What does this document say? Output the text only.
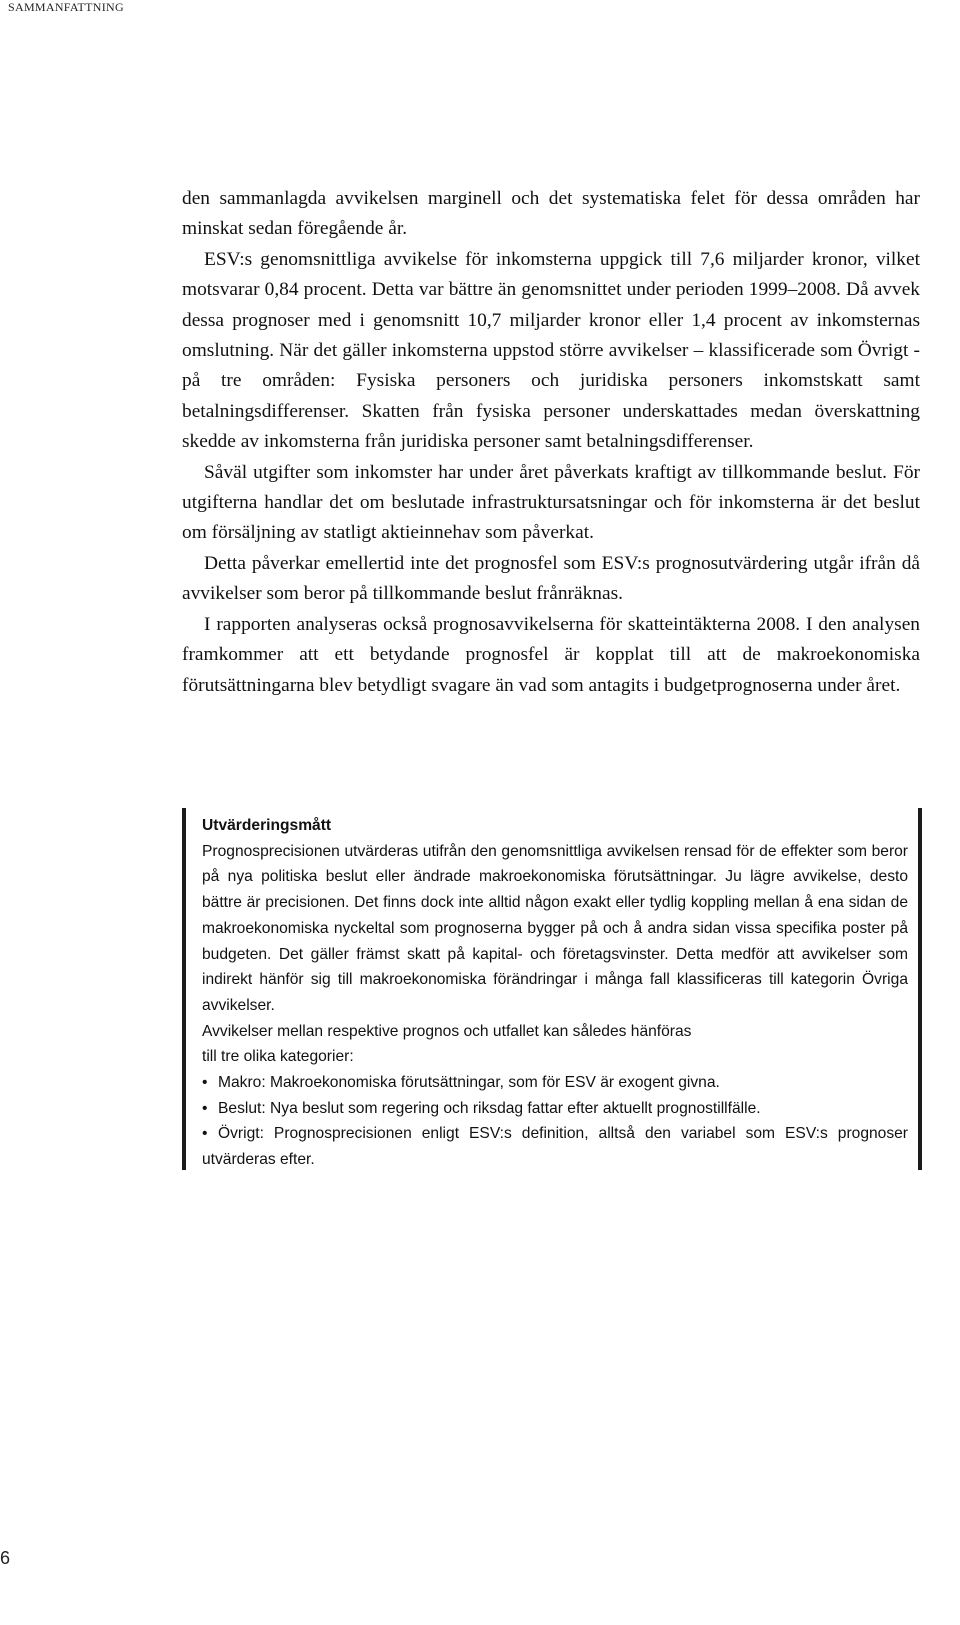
SAMMANFATTNING

den sammanlagda avvikelsen marginell och det systematiska felet för dessa områden har minskat sedan föregående år.

ESV:s genomsnittliga avvikelse för inkomsterna uppgick till 7,6 miljarder kronor, vilket motsvarar 0,84 procent. Detta var bättre än genomsnittet under perioden 1999–2008. Då avvek dessa prognoser med i genomsnitt 10,7 miljarder kronor eller 1,4 procent av inkomsternas omslutning. När det gäller inkomsterna uppstod större avvikelser – klassificerade som Övrigt - på tre områden: Fysiska personers och juridiska personers inkomstskatt samt betalningsdifferenser. Skatten från fysiska personer underskattades medan överskattning skedde av inkomsterna från juridiska personer samt betalningsdifferenser.

Såväl utgifter som inkomster har under året påverkats kraftigt av tillkommande beslut. För utgifterna handlar det om beslutade infrastruktursatsningar och för inkomsterna är det beslut om försäljning av statligt aktieinnehav som påverkat.

Detta påverkar emellertid inte det prognosfel som ESV:s prognosutvärdering utgår ifrån då avvikelser som beror på tillkommande beslut frånräknas.

I rapporten analyseras också prognosavvikelserna för skatteintäkterna 2008. I den analysen framkommer att ett betydande prognosfel är kopplat till att de makroekonomiska förutsättningarna blev betydligt svagare än vad som antagits i budgetprognoserna under året.

Utvärderingsmått

Prognosprecisionen utvärderas utifrån den genomsnittliga avvikelsen rensad för de effekter som beror på nya politiska beslut eller ändrade makroekonomiska förutsättningar. Ju lägre avvikelse, desto bättre är precisionen. Det finns dock inte alltid någon exakt eller tydlig koppling mellan å ena sidan de makroekonomiska nyckeltal som prognoserna bygger på och å andra sidan vissa specifika poster på budgeten. Det gäller främst skatt på kapital- och företagsvinster. Detta medför att avvikelser som indirekt hänför sig till makroekonomiska förändringar i många fall klassificeras till kategorin Övriga avvikelser.

Avvikelser mellan respektive prognos och utfallet kan således hänföras

till tre olika kategorier:

• Makro: Makroekonomiska förutsättningar, som för ESV är exogent givna.
• Beslut: Nya beslut som regering och riksdag fattar efter aktuellt prognostillfälle.
• Övrigt: Prognosprecisionen enligt ESV:s definition, alltså den variabel som ESV:s prognoser utvärderas efter.
6
